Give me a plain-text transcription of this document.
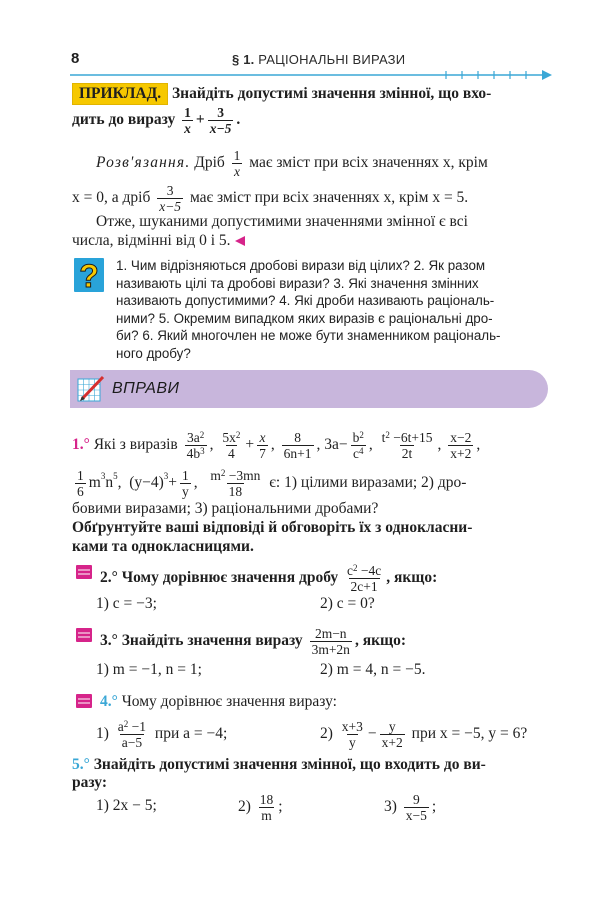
8	§ 1. РАЦІОНАЛЬНІ ВИРАЗИ
ПРИКЛАД. Знайдіть допустимі значення змінної, що вхо-
дить до виразу $\frac{1}{x} + \frac{3}{x-5}$ .
Розв'язання. Дріб $\frac{1}{x}$ має зміст при всіх значеннях x, крім
x = 0, а дріб $\frac{3}{x-5}$ має зміст при всіх значеннях x, крім x = 5.
Отже, шуканими допустимими значеннями змінної є всі
числа, відмінні від 0 і 5.
? 1. Чим відрізняються дробові вирази від цілих? 2. Як разом
називають цілі та дробові вирази? 3. Які значення змінних
називають допустимими? 4. Які дроби називають раціональ-
ними? 5. Окремим випадком яких виразів є раціональні дро-
би? 6. Який многочлен не може бути знаменником раціональ-
ного дробу?
ВПРАВИ
1.° Які з виразів $\frac{3a^2}{4b^3}$ , $\frac{5x^2}{4} + \frac{x}{7}$ , $\frac{8}{6n+1}$ , $3a- \frac{b^2}{c^4}$ , $\frac{t^2 -6t+15}{2t}$ , $\frac{x-2}{x+2}$ ,
$\frac{1}{6} m^3n^5$,  $(y-4)^3+ \frac{1}{y}$ , $\frac{m^2 -3mn}{18} є$: 1) цілими виразами; 2) дро-
бовими виразами; 3) раціональними дробами?
Обґрунтуйте ваші відповіді й обговоріть їх з однокласни-
ками та однокласницями.
2.° Чому дорівнює значення дробу $\frac{c^2 -4c}{2c+1}$ , якщо:
1) c = −3;	2) c = 0?
3.° Знайдіть значення виразу $\frac{2m-n}{3m+2n}$ , якщо:
1) m = −1, n = 1;	2) m = 4, n = −5.
4.° Чому дорівнює значення виразу:
$1) \frac{a^2 -1}{a-5}$ при a = −4;	$2) \frac{x+3}{y} - \frac{y}{x+2}$ при x = −5, y = 6?
5.° Знайдіть допустимі значення змінної, що входить до ви-
разу:
1) 2x − 5;	$2) \frac{18}{m}$ ;	$3) \frac{9}{x-5}$ ;
